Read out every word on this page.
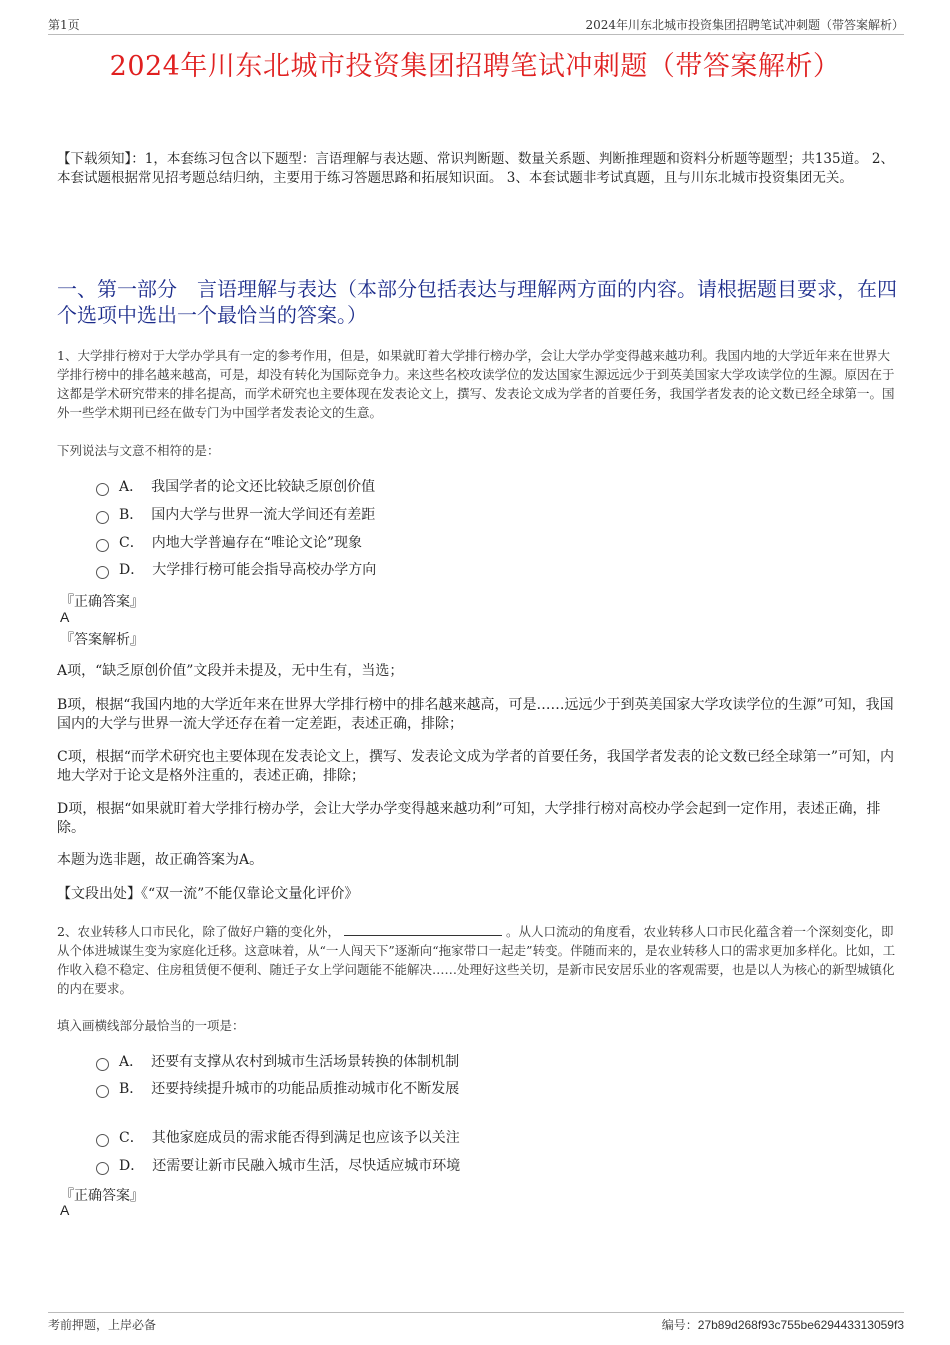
第1页	2024年川东北城市投资集团招聘笔试冲刺题（带答案解析）
2024年川东北城市投资集团招聘笔试冲刺题（带答案解析）
【下载须知】：1，本套练习包含以下题型：言语理解与表达题、常识判断题、数量关系题、判断推理题和资料分析题等题型；共135道。 2、本套试题根据常见招考题总结归纳，主要用于练习答题思路和拓展知识面。 3、本套试题非考试真题，且与川东北城市投资集团无关。
一、第一部分　言语理解与表达（本部分包括表达与理解两方面的内容。请根据题目要求，在四个选项中选出一个最恰当的答案。）
1、大学排行榜对于大学办学具有一定的参考作用，但是，如果就盯着大学排行榜办学，会让大学办学变得越来越功利。我国内地的大学近年来在世界大学排行榜中的排名越来越高，可是，却没有转化为国际竞争力。来这些名校攻读学位的发达国家生源远远少于到英美国家大学攻读学位的生源。原因在于这都是学术研究带来的排名提高，而学术研究也主要体现在发表论文上，撰写、发表论文成为学者的首要任务，我国学者发表的论文数已经全球第一。国外一些学术期刊已经在做专门为中国学者发表论文的生意。
下列说法与文意不相符的是：
A． 我国学者的论文还比较缺乏原创价值
B． 国内大学与世界一流大学间还有差距
C． 内地大学普遍存在“唯论文论”现象
D． 大学排行榜可能会指导高校办学方向
『正确答案』
A
『答案解析』
A项，“缺乏原创价值”文段并未提及，无中生有，当选；
B项，根据“我国内地的大学近年来在世界大学排行榜中的排名越来越高，可是……远远少于到英美国家大学攻读学位的生源”可知，我国国内的大学与世界一流大学还存在着一定差距，表述正确，排除；
C项，根据“而学术研究也主要体现在发表论文上，撰写、发表论文成为学者的首要任务，我国学者发表的论文数已经全球第一”可知，内地大学对于论文是格外注重的，表述正确，排除；
D项，根据“如果就盯着大学排行榜办学，会让大学办学变得越来越功利”可知，大学排行榜对高校办学会起到一定作用，表述正确，排除。
本题为选非题，故正确答案为A。
【文段出处】《“双一流”不能仅靠论文量化评价》
2、农业转移人口市民化，除了做好户籍的变化外，	。从人口流动的角度看，农业转移人口市民化蕴含着一个深刻变化，即从个体进城谋生变为家庭化迁移。这意味着，从“一人闯天下”逐渐向“拖家带口一起走”转变。伴随而来的，是农业转移人口的需求更加多样化。比如，工作收入稳不稳定、住房租赁便不便利、随迁子女上学问题能不能解决……处理好这些关切，是新市民安居乐业的客观需要，也是以人为核心的新型城镇化的内在要求。
填入画横线部分最恰当的一项是：
A． 还要有支撑从农村到城市生活场景转换的体制机制
B． 还要持续提升城市的功能品质推动城市化不断发展
C． 其他家庭成员的需求能否得到满足也应该予以关注
D． 还需要让新市民融入城市生活，尽快适应城市环境
『正确答案』
A
考前押题，上岸必备	编号：27b89d268f93c755be629443313059f3
